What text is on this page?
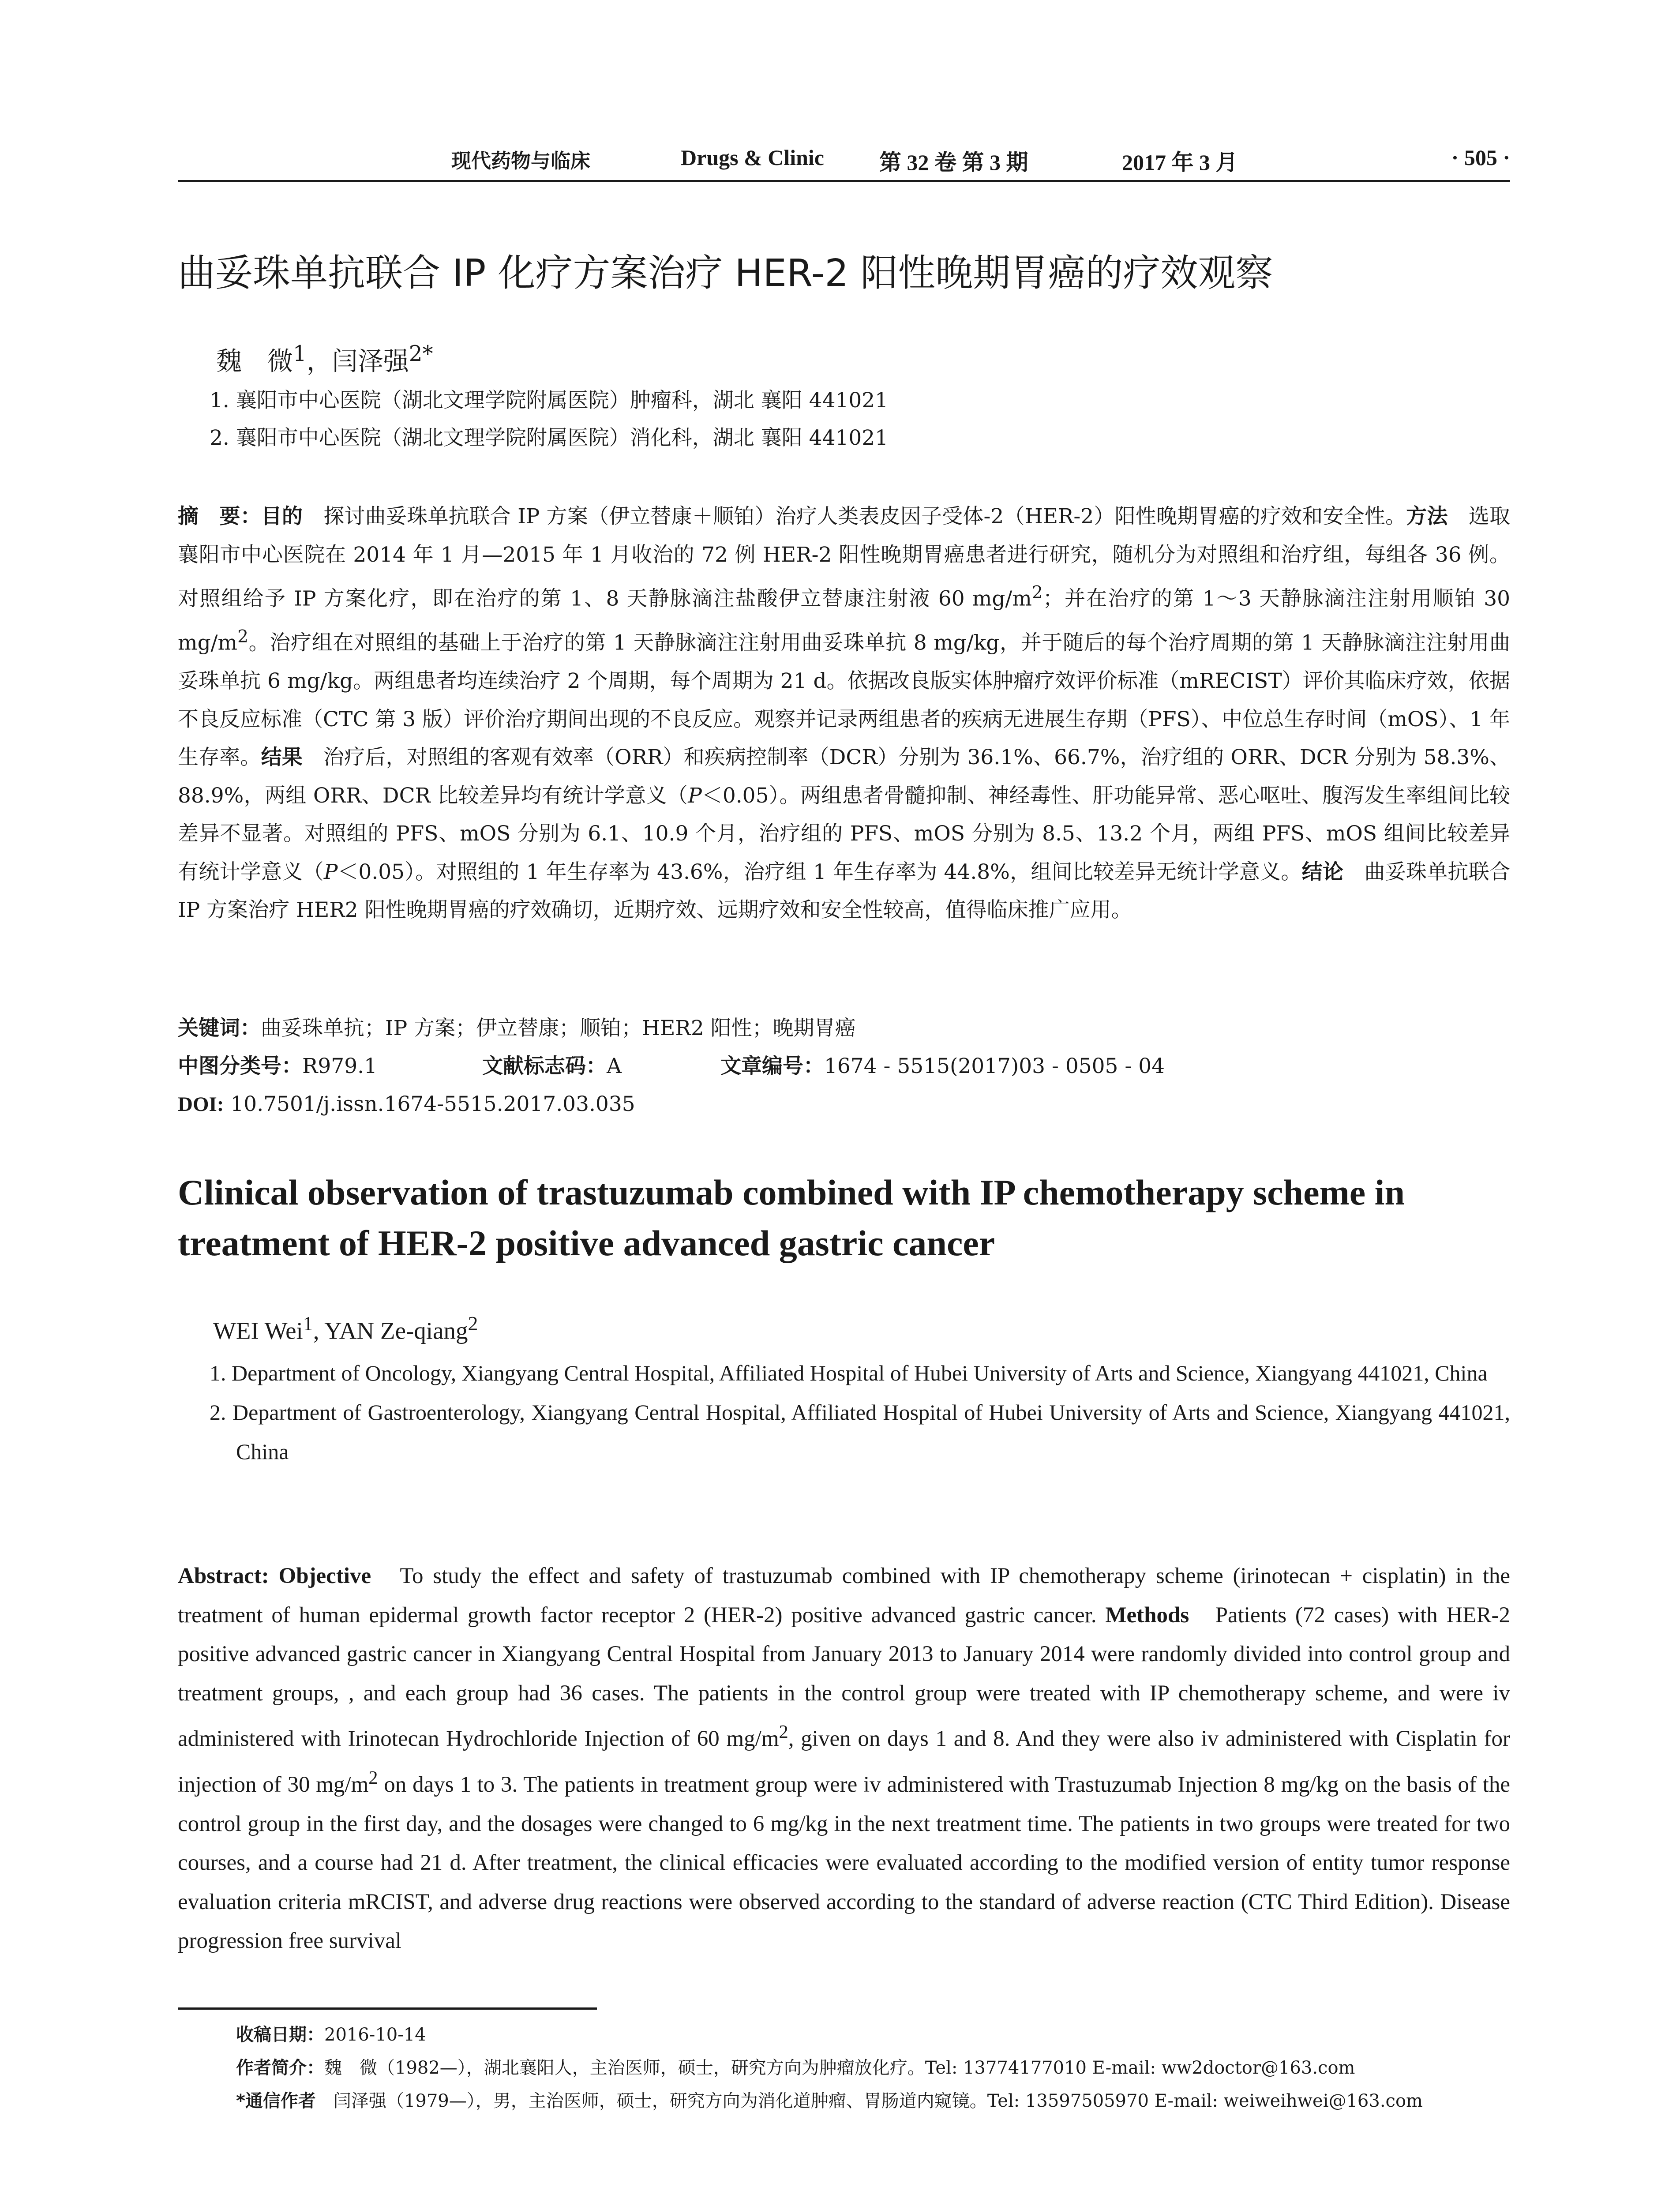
现代药物与临床	Drugs & Clinic	第 32 卷 第 3 期	2017 年 3 月	· 505 ·
曲妥珠单抗联合 IP 化疗方案治疗 HER-2 阳性晚期胃癌的疗效观察
魏　微$^1$，闫泽强$^{2*}$
1. 襄阳市中心医院（湖北文理学院附属医院）肿瘤科，湖北 襄阳 441021
2. 襄阳市中心医院（湖北文理学院附属医院）消化科，湖北 襄阳 441021
摘　要：目的　 探讨曲妥珠单抗联合 IP 方案（伊立替康＋顺铂）治疗人类表皮因子受体-2（HER-2）阳性晚期胃癌的疗效和安全性。方法　 选取襄阳市中心医院在 2014 年 1 月—2015 年 1 月收治的 72 例 HER-2 阳性晚期胃癌患者进行研究，随机分为对照组和治疗组，每组各 36 例。对照组给予 IP 方案化疗，即在治疗的第 1、8 天静脉滴注盐酸伊立替康注射液 60 $mg/m^2$；并在治疗的第 1～3 天静脉滴注注射用顺铂 30 $mg/m^2$。治疗组在对照组的基础上于治疗的第 1 天静脉滴注注射用曲妥珠单抗 8 mg/kg，并于随后的每个治疗周期的第 1 天静脉滴注注射用曲妥珠单抗 6 mg/kg。两组患者均连续治疗 2 个周期，每个周期为 21 d。依据改良版实体肿瘤疗效评价标准（mRECIST）评价其临床疗效，依据不良反应标准（CTC 第 3 版）评价治疗期间出现的不良反应。观察并记录两组患者的疾病无进展生存期（PFS）、中位总生存时间（mOS）、1 年生存率。结果　 治疗后，对照组的客观有效率（ORR）和疾病控制率（DCR）分别为 36.1%、66.7%，治疗组的 ORR、DCR 分别为 58.3%、88.9%，两组 ORR、DCR 比较差异均有统计学意义（P＜0.05）。两组患者骨髓抑制、神经毒性、肝功能异常、恶心呕吐、腹泻发生率组间比较差异不显著。对照组的 PFS、mOS 分别为 6.1、10.9 个月，治疗组的 PFS、mOS 分别为 8.5、13.2 个月，两组 PFS、mOS 组间比较差异有统计学意义（P＜0.05）。对照组的 1 年生存率为 43.6%，治疗组 1 年生存率为 44.8%，组间比较差异无统计学意义。结论　 曲妥珠单抗联合 IP 方案治疗 HER2 阳性晚期胃癌的疗效确切，近期疗效、远期疗效和安全性较高，值得临床推广应用。
关键词：曲妥珠单抗；IP 方案；伊立替康；顺铂；HER2 阳性；晚期胃癌
中图分类号：R979.1	文献标志码：A	文章编号：1674 - 5515(2017)03 - 0505 - 04
DOI: 10.7501/j.issn.1674-5515.2017.03.035
Clinical observation of trastuzumab combined with IP chemotherapy scheme in treatment of HER-2 positive advanced gastric cancer
WEI Wei$^1$, YAN Ze-qiang$^2$
1. Department of Oncology, Xiangyang Central Hospital, Affiliated Hospital of Hubei University of Arts and Science, Xiangyang 441021, China
2. Department of Gastroenterology, Xiangyang Central Hospital, Affiliated Hospital of Hubei University of Arts and Science, Xiangyang 441021, China
Abstract: Objective To study the effect and safety of trastuzumab combined with IP chemotherapy scheme (irinotecan + cisplatin) in the treatment of human epidermal growth factor receptor 2 (HER-2) positive advanced gastric cancer. Methods Patients (72 cases) with HER-2 positive advanced gastric cancer in Xiangyang Central Hospital from January 2013 to January 2014 were randomly divided into control group and treatment groups, , and each group had 36 cases. The patients in the control group were treated with IP chemotherapy scheme, and were iv administered with Irinotecan Hydrochloride Injection of 60 $mg/m^2$, given on days 1 and 8. And they were also iv administered with Cisplatin for injection of 30 $mg/m^2$ on days 1 to 3. The patients in treatment group were iv administered with Trastuzumab Injection 8 mg/kg on the basis of the control group in the first day, and the dosages were changed to 6 mg/kg in the next treatment time. The patients in two groups were treated for two courses, and a course had 21 d. After treatment, the clinical efficacies were evaluated according to the modified version of entity tumor response evaluation criteria mRCIST, and adverse drug reactions were observed according to the standard of adverse reaction (CTC Third Edition). Disease progression free survival
收稿日期：2016-10-14
作者简介：魏　微（1982—），湖北襄阳人，主治医师，硕士，研究方向为肿瘤放化疗。Tel: 13774177010 E-mail: ww2doctor@163.com
*通信作者　 闫泽强（1979—），男，主治医师，硕士，研究方向为消化道肿瘤、胃肠道内窥镜。Tel: 13597505970 E-mail: weiweihwei@163.com
